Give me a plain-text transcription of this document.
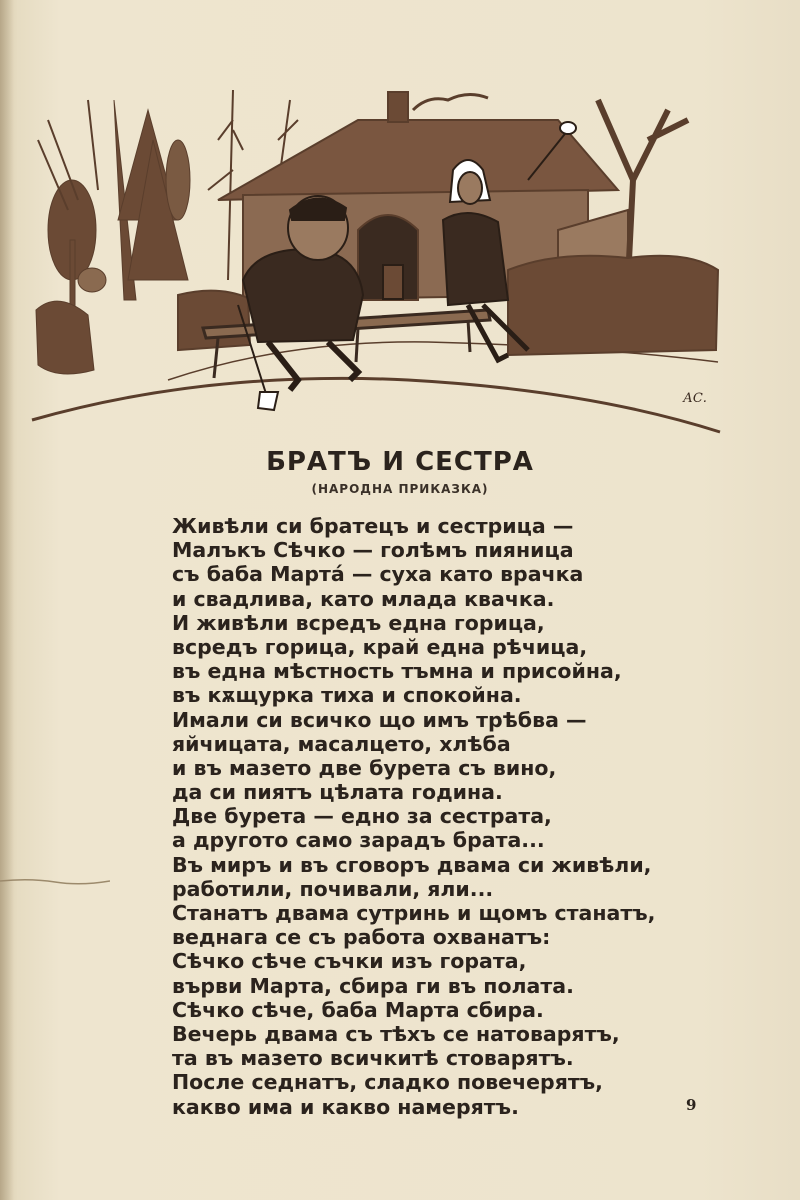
АС.
БРАТЪ И СЕСТРА
(НАРОДНА ПРИКАЗКА)
Живѣли си братецъ и сестрица —
Малъкъ Сѣчко — голѣмъ пияница
съ баба Мартá — суха като врачка
и свадлива, като млада квачка.
И живѣли всредъ една горица,
всредъ горица, край една рѣчица,
въ една мѣстность тъмна и присойна,
въ кѫщурка тиха и спокойна.
Имали си всичко що имъ трѣбва —
яйчицата, масалцето, хлѣба
и въ мазето две бурета съ вино,
да си пиятъ цѣлата година.
Две бурета — едно за сестрата,
а другото само зарадъ брата...
Въ миръ и въ сговоръ двама си живѣли,
работили, почивали, яли...
Станатъ двама сутринь и щомъ станатъ,
веднага се съ работа охванатъ:
Сѣчко сѣче съчки изъ гората,
върви Марта, сбира ги въ полата.
Сѣчко сѣче, баба Марта сбира.
Вечерь двама съ тѣхъ се натоварятъ,
та въ мазето всичкитѣ стоварятъ.
После седнатъ, сладко повечерятъ,
какво има и какво намерятъ.	9
